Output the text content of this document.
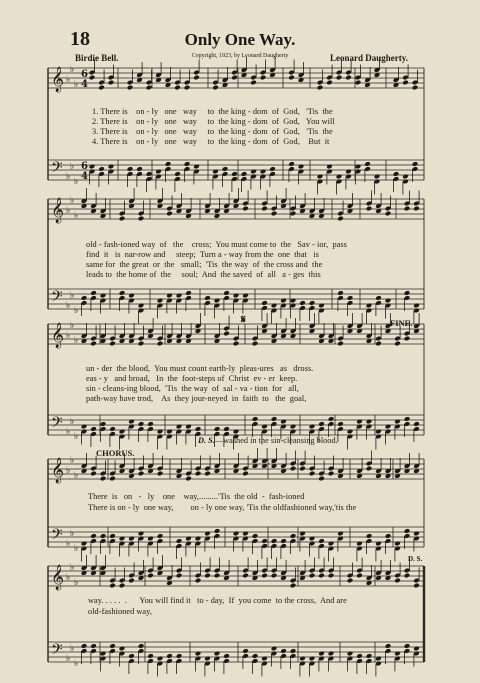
18	Only One Way.
Birdie Bell.	Copyright, 1923, by Leonard Daugherty	Leonard Daugherty.
𝄞
𝄢
♭
♭
♭
♭
♭
♭
6
6
4
4
𝄞
𝄢
♭
♭
♭
♭
♭
♭
𝄞
𝄢
♭
♭
♭
♭
♭
♭
𝄞
𝄢
♭
♭
♭
♭
♭
♭
𝄞
𝄢
♭
♭
♭
♭
♭
♭
1. There is    on - ly   one   way     to  the king - dom  of  God,   'Tis  the
2. There is    on - ly   one   way     to  the king - dom  of  God,   You will
3. There is    on - ly   one   way     to  the king - dom  of  God,   'Tis  the
4. There is    on - ly   one   way     to  the king - dom  of  God,    But  it
old - fash-ioned way  of   the    cross;  You must come to  the   Sav - ior,  pass
find  it   is  nar-row and     steep;  Turn a - way from the  one  that   is
same for  the great  or  the   small;  'Tis  the way  of  the cross and  the
leads to  the home of  the     soul;  And  the saved  of  all   a - ges  this
𝄋	FINE.
un - der  the blood,  You must count earth-ly  pleas-ures   as   dross.
eas - y   and broad,   In  the  foot-steps of  Christ  ev - er  keep.
sin - cleans-ing blood,  'Tis  the way  of  sal - va - tion  for   all,
path-way have trod,    As  they jour-neyed  in  faith  to   the  goal,
D. S.—washed in the sin-cleansing blood.
CHORUS.
There  is   on   -   ly    one    way,.........'Tis  the old  -  fash-ioned
There is on - ly  one way,        on - ly one way, 'Tis the oldfashioned way,'tis the
D. S.
way. . . . .  .      You will find it   to - day,  If  you come  to the cross,  And are
old-fashioned way,
